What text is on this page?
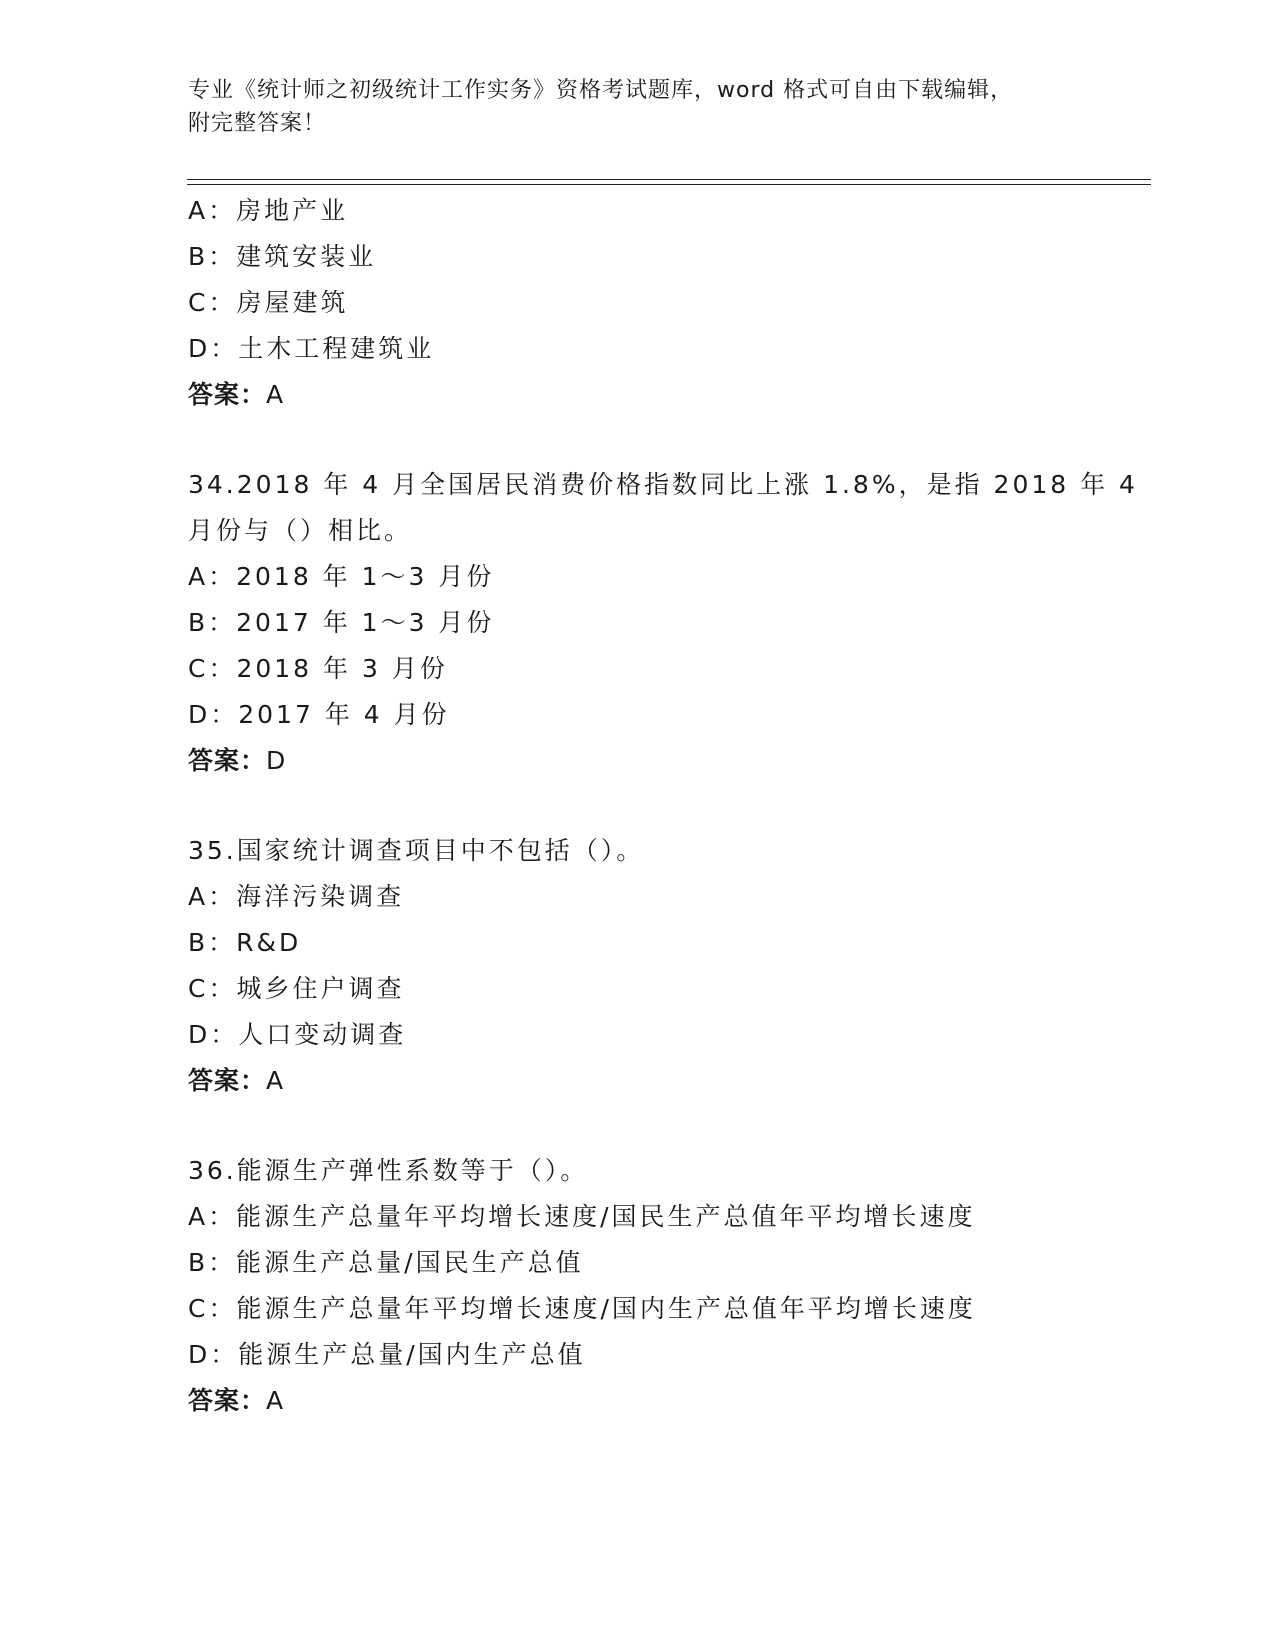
专业《统计师之初级统计工作实务》资格考试题库，word 格式可自由下载编辑，
附完整答案！
A：房地产业
B：建筑安装业
C：房屋建筑
D：土木工程建筑业
答案：A
34.2018 年 4 月全国居民消费价格指数同比上涨 1.8%，是指 2018 年 4
月份与（）相比。
A：2018 年 1～3 月份
B：2017 年 1～3 月份
C：2018 年 3 月份
D：2017 年 4 月份
答案：D
35.国家统计调查项目中不包括（）。
A：海洋污染调查
B：R&D
C：城乡住户调查
D：人口变动调查
答案：A
36.能源生产弹性系数等于（）。
A：能源生产总量年平均增长速度/国民生产总值年平均增长速度
B：能源生产总量/国民生产总值
C：能源生产总量年平均增长速度/国内生产总值年平均增长速度
D：能源生产总量/国内生产总值
答案：A
